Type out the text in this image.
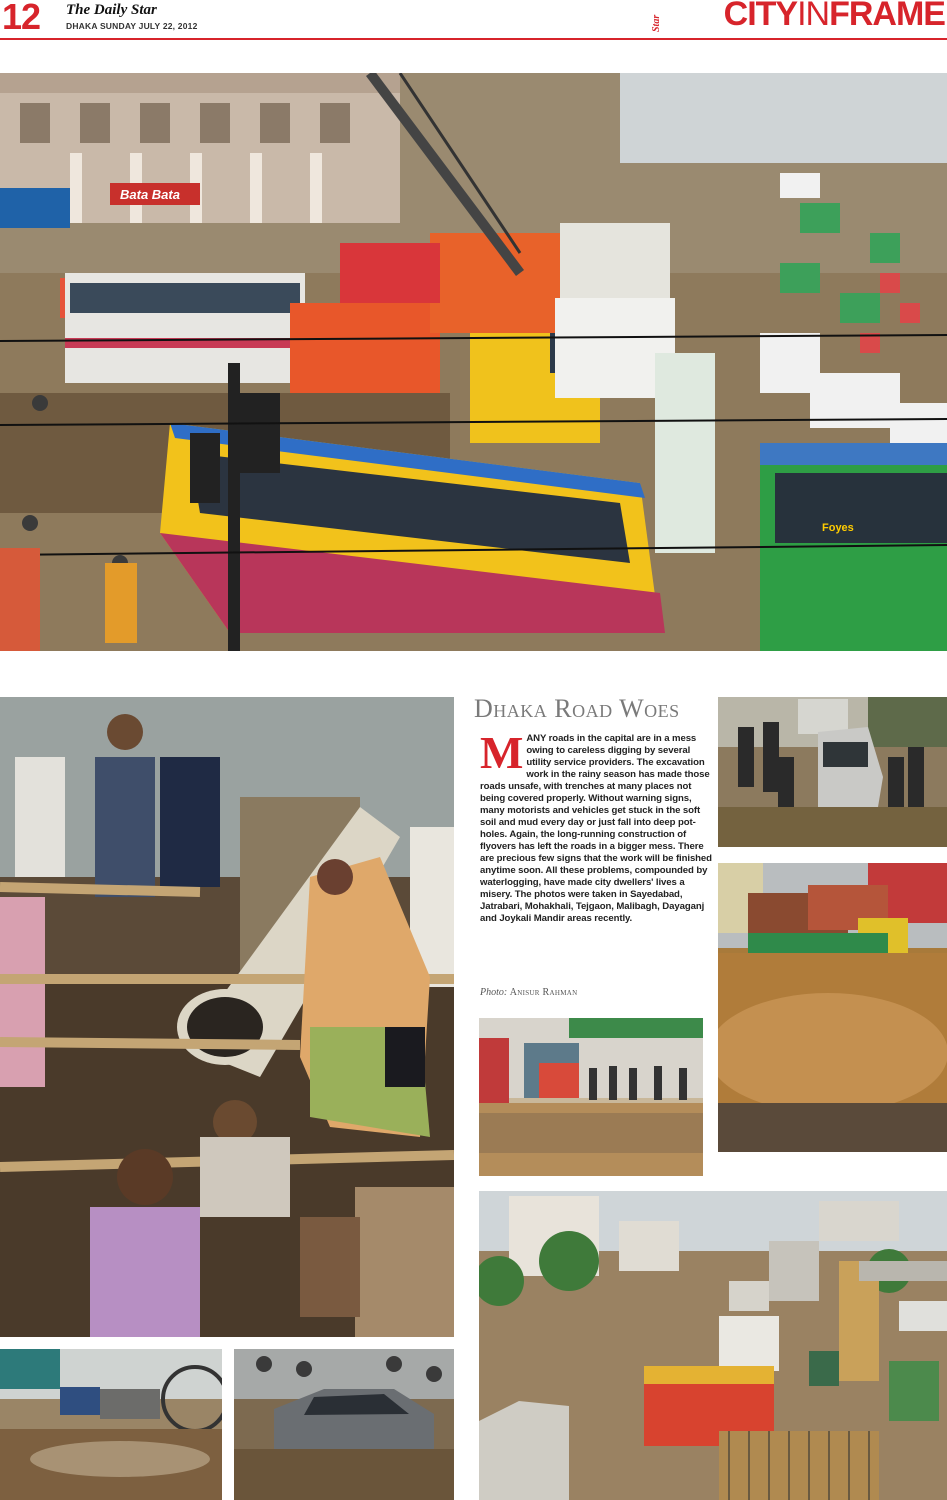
12 The Daily Star
DHAKA SUNDAY JULY 22, 2012	Star CITYINFRAME
Bata Bata
Foyes
Dhaka Road Woes
MANY roads in the capital are in a mess owing to careless digging by several utility service providers. The excavation work in the rainy season has made those roads unsafe, with trenches at many places not being covered properly. Without warning signs, many motorists and vehicles get stuck in the soft soil and mud every day or just fall into deep pot-holes. Again, the long-running construction of flyovers has left the roads in a bigger mess. There are precious few signs that the work will be finished anytime soon. All these problems, compounded by waterlogging, have made city dwellers' lives a misery. The photos were taken in Sayedabad, Jatrabari, Mohakhali, Tejgaon, Malibagh, Dayaganj and Joykali Mandir areas recently.
Photo: Anisur Rahman
